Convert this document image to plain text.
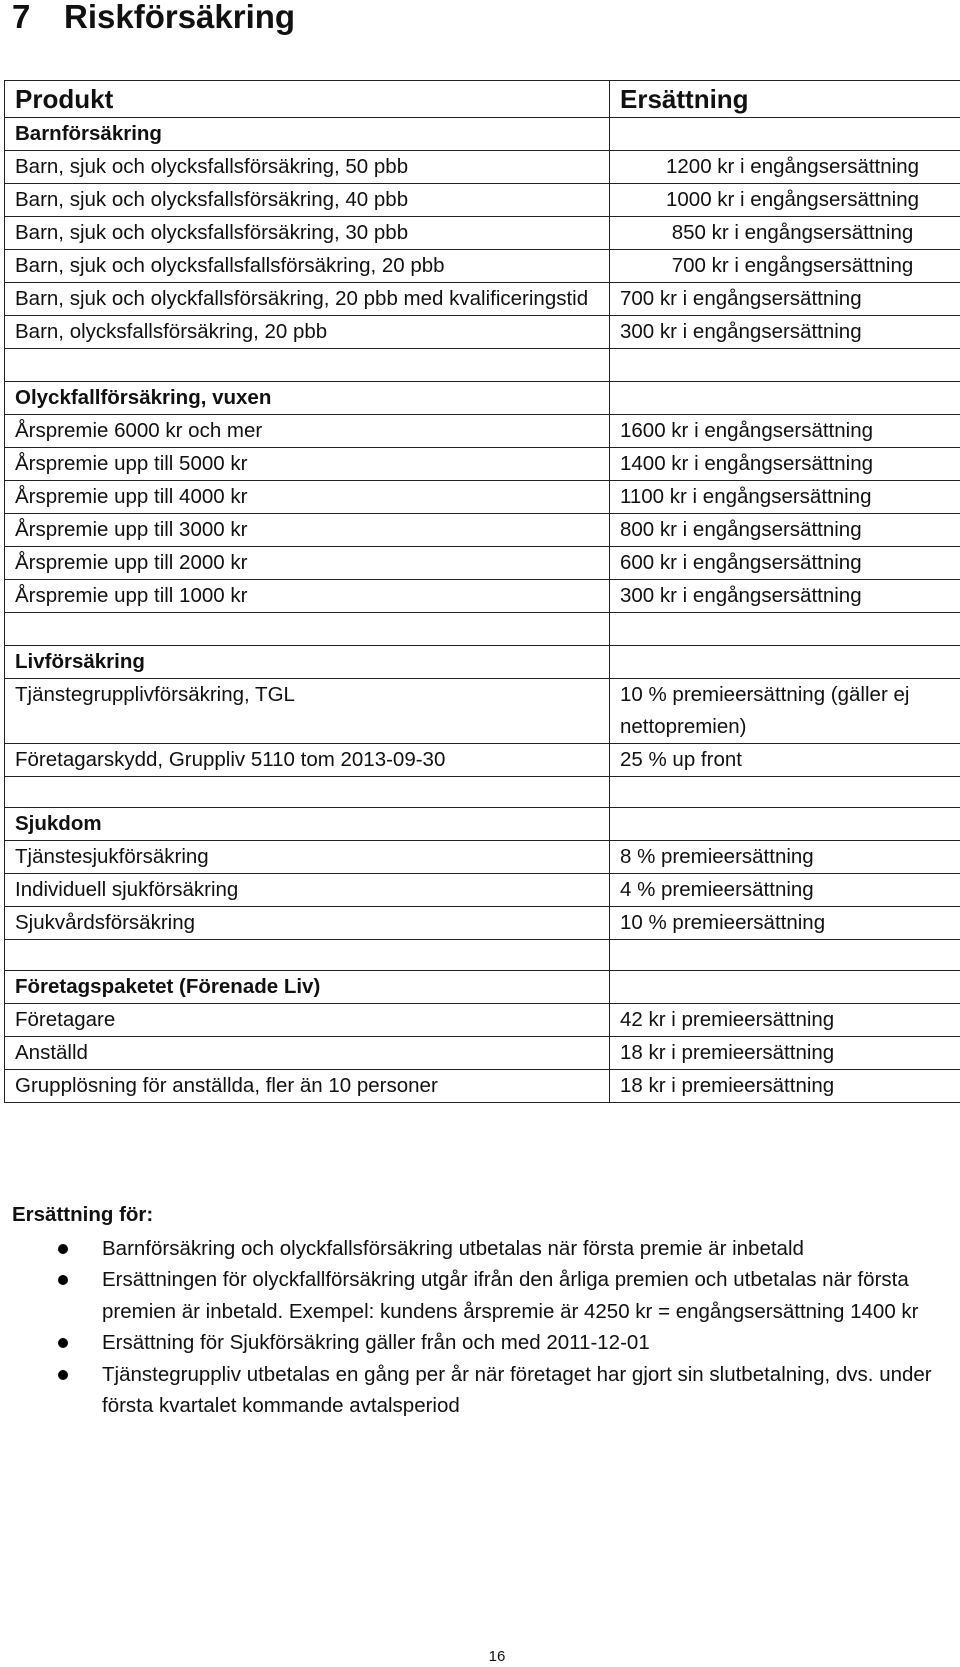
7 Riskförsäkring
Produkt	Ersättning
Barnförsäkring	
Barn, sjuk och olycksfallsförsäkring, 50 pbb	1200 kr i engångsersättning
Barn, sjuk och olycksfallsförsäkring, 40 pbb	1000 kr i engångsersättning
Barn, sjuk och olycksfallsförsäkring, 30 pbb	850 kr i engångsersättning
Barn, sjuk och olycksfallsfallsförsäkring, 20 pbb	700 kr i engångsersättning
Barn, sjuk och olyckfallsförsäkring, 20 pbb med kvalificeringstid	700 kr i engångsersättning
Barn, olycksfallsförsäkring, 20 pbb	300 kr i engångsersättning

Olyckfallförsäkring, vuxen	
Årspremie 6000 kr och mer	1600 kr i engångsersättning
Årspremie upp till 5000 kr	1400 kr i engångsersättning
Årspremie upp till 4000 kr	1100 kr i engångsersättning
Årspremie upp till 3000 kr	800 kr i engångsersättning
Årspremie upp till 2000 kr	600 kr i engångsersättning
Årspremie upp till 1000 kr	300 kr i engångsersättning

Livförsäkring	
Tjänstegrupplivförsäkring, TGL	10 % premieersättning (gäller ej nettopremien)
Företagarskydd, Gruppliv 5110 tom 2013-09-30	25 % up front

Sjukdom	
Tjänstesjukförsäkring	8 % premieersättning
Individuell sjukförsäkring	4 % premieersättning
Sjukvårdsförsäkring	10 % premieersättning

Företagspaketet (Förenade Liv)	
Företagare	42 kr i premieersättning
Anställd	18 kr i premieersättning
Grupplösning för anställda, fler än 10 personer	18 kr i premieersättning
Ersättning för:
Barnförsäkring och olyckfallsförsäkring utbetalas när första premie är inbetald
Ersättningen för olyckfallförsäkring utgår ifrån den årliga premien och utbetalas när första premien är inbetald. Exempel: kundens årspremie är 4250 kr = engångsersättning 1400 kr
Ersättning för Sjukförsäkring gäller från och med 2011-12-01
Tjänstegruppliv utbetalas en gång per år när företaget har gjort sin slutbetalning, dvs. under första kvartalet kommande avtalsperiod
16
